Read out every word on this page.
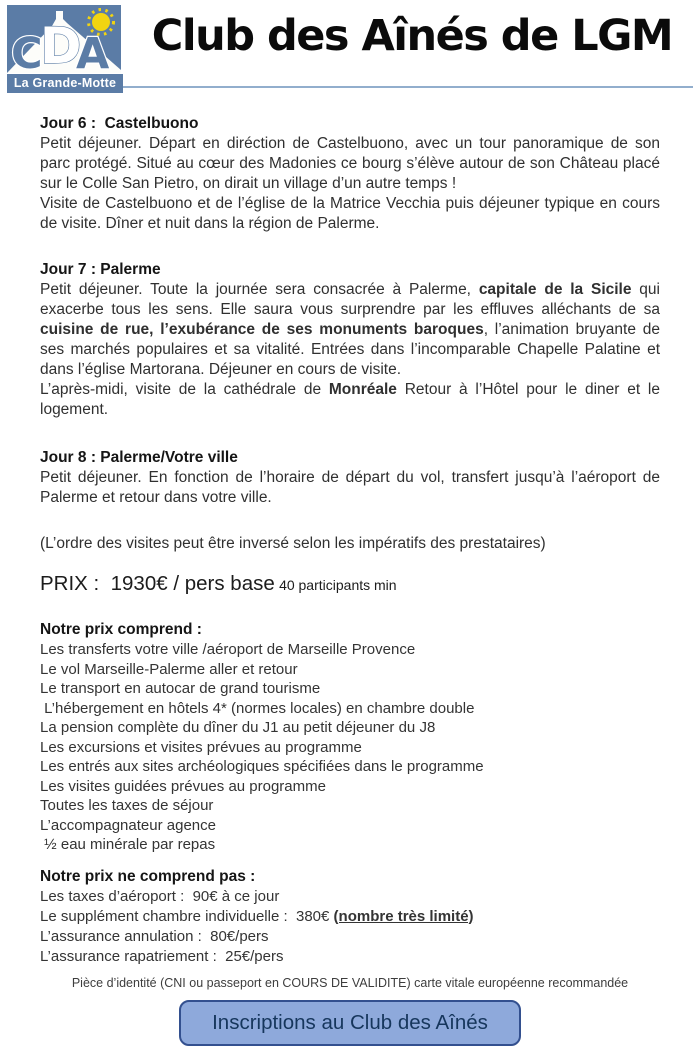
CDA
La Grande-Motte
Club des Aînés de LGM
Jour 6 :  Castelbuono

Petit déjeuner. Départ en diréction de Castelbuono, avec un tour panoramique de son parc protégé. Situé au cœur des Madonies ce bourg s’élève autour de son Château placé sur le Colle San Pietro, on dirait un village d’un autre temps !

Visite de Castelbuono et de l’église de la Matrice Vecchia puis déjeuner typique en cours de visite. Dîner et nuit dans la région de Palerme.

Jour 7 : Palerme

Petit déjeuner. Toute la journée sera consacrée à Palerme, capitale de la Sicile qui exacerbe tous les sens. Elle saura vous surprendre par les effluves alléchants de sa cuisine de rue, l’exubérance de ses monuments baroques, l’animation bruyante de ses marchés populaires et sa vitalité. Entrées dans l’incomparable Chapelle Palatine et dans l’église Martorana. Déjeuner en cours de visite.

L’après-midi, visite de la cathédrale de Monréale Retour à l’Hôtel pour le diner et le logement.

Jour 8 : Palerme/Votre ville

Petit déjeuner. En fonction de l’horaire de départ du vol, transfert jusqu’à l’aéroport de Palerme et retour dans votre ville.

(L’ordre des visites peut être inversé selon les impératifs des prestataires)

PRIX :  1930€ / pers base 40 participants min
Notre prix comprend :
Les transferts votre ville /aéroport de Marseille Provence
Le vol Marseille-Palerme aller et retour
Le transport en autocar de grand tourisme
L’hébergement en hôtels 4* (normes locales) en chambre double
La pension complète du dîner du J1 au petit déjeuner du J8
Les excursions et visites prévues au programme
Les entrés aux sites archéologiques spécifiées dans le programme
Les visites guidées prévues au programme
Toutes les taxes de séjour
L’accompagnateur agence
½ eau minérale par repas
Notre prix ne comprend pas :
Les taxes d’aéroport :  90€ à ce jour
Le supplément chambre individuelle :  380€ (nombre très limité)
L’assurance annulation :  80€/pers
L’assurance rapatriement :  25€/pers

Pièce d’identité (CNI ou passeport en COURS DE VALIDITE) carte vitale européenne recommandée

Inscriptions au Club des Aînés
